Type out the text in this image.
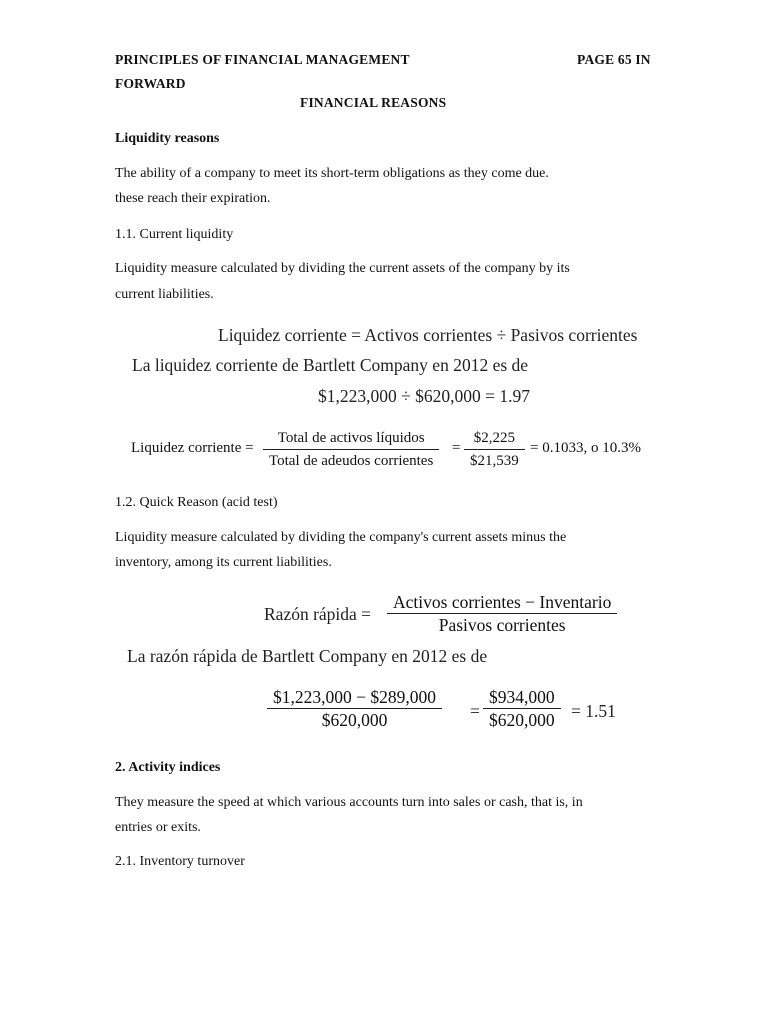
PRINCIPLES OF FINANCIAL MANAGEMENT	PAGE 65 IN
FORWARD
FINANCIAL REASONS
Liquidity reasons
The ability of a company to meet its short-term obligations as they come due.
these reach their expiration.
1.1. Current liquidity
Liquidity measure calculated by dividing the current assets of the company by its
current liabilities.
Liquidez corriente = Activos corrientes ÷ Pasivos corrientes
La liquidez corriente de Bartlett Company en 2012 es de
$1,223,000 ÷ $620,000 = 1.97
Liquidez corriente =
Total de activos líquidos
Total de adeudos corrientes
=
$2,225
$21,539
= 0.1033, o 10.3%
1.2. Quick Reason (acid test)
Liquidity measure calculated by dividing the company's current assets minus the
inventory, among its current liabilities.
Razón rápida =
Activos corrientes − Inventario
Pasivos corrientes
La razón rápida de Bartlett Company en 2012 es de
$1,223,000 − $289,000
$620,000	=
$934,000
$620,000 = 1.51
2. Activity indices
They measure the speed at which various accounts turn into sales or cash, that is, in
entries or exits.
2.1. Inventory turnover
